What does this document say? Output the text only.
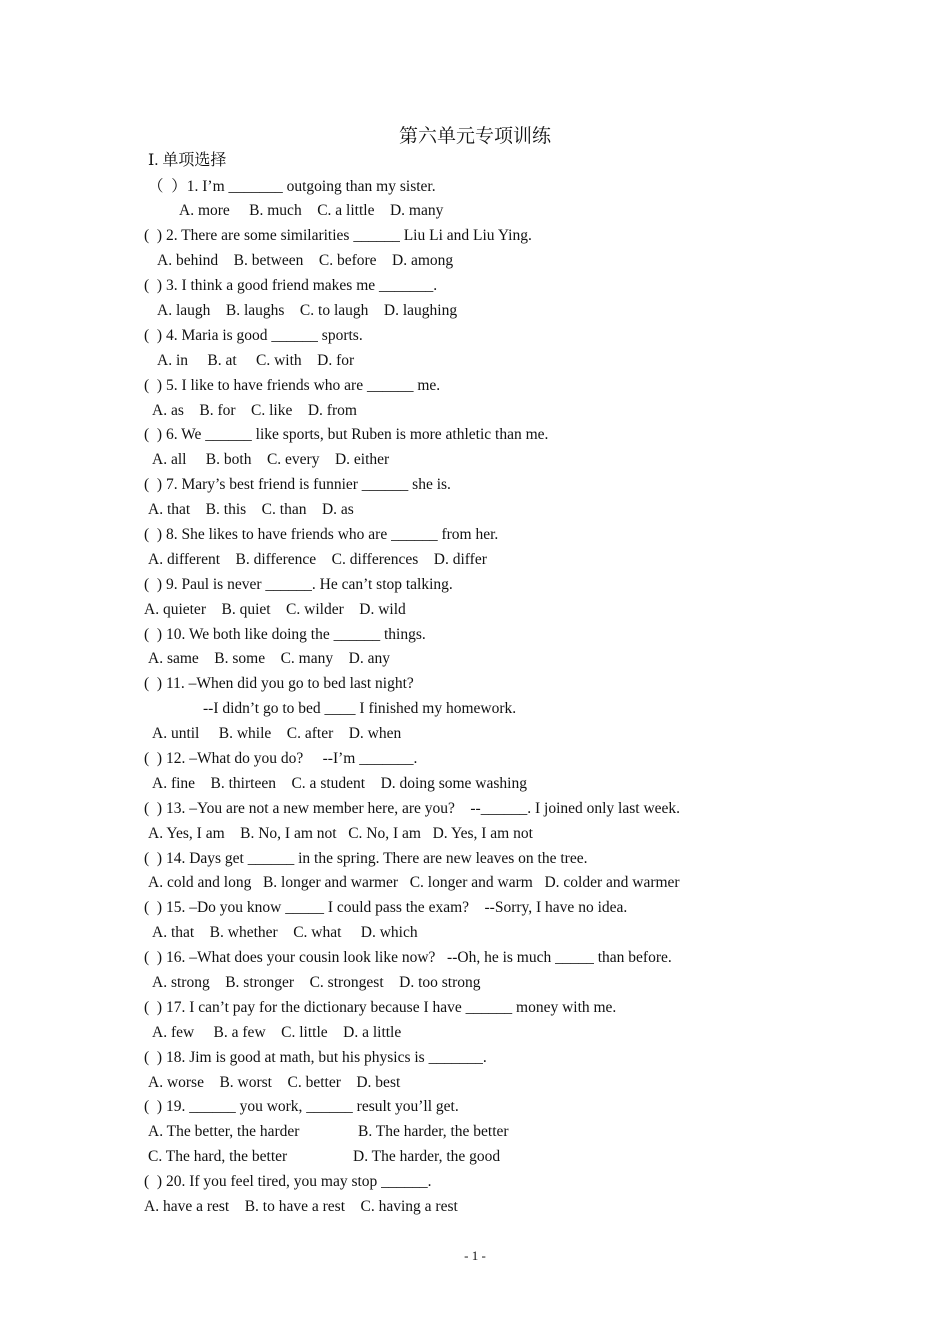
第六单元专项训练
Ⅰ. 单项选择
（  ）1. I’m _______ outgoing than my sister.
A. more     B. much    C. a little    D. many
(  ) 2. There are some similarities ______ Liu Li and Liu Ying.
A. behind    B. between    C. before    D. among
(  ) 3. I think a good friend makes me _______.
A. laugh    B. laughs    C. to laugh    D. laughing
(  ) 4. Maria is good ______ sports.
A. in     B. at     C. with    D. for
(  ) 5. I like to have friends who are ______ me.
A. as    B. for    C. like    D. from
(  ) 6. We ______ like sports, but Ruben is more athletic than me.
A. all     B. both    C. every    D. either
(  ) 7. Mary’s best friend is funnier ______ she is.
A. that    B. this    C. than    D. as
(  ) 8. She likes to have friends who are ______ from her.
A. different    B. difference    C. differences    D. differ
(  ) 9. Paul is never ______. He can’t stop talking.
A. quieter    B. quiet    C. wilder    D. wild
(  ) 10. We both like doing the ______ things.
A. same    B. some    C. many    D. any
(  ) 11. –When did you go to bed last night?
--I didn’t go to bed ____ I finished my homework.
A. until     B. while    C. after    D. when
(  ) 12. –What do you do?     --I’m _______.
A. fine    B. thirteen    C. a student    D. doing some washing
(  ) 13. –You are not a new member here, are you?    --______. I joined only last week.
A. Yes, I am    B. No, I am not   C. No, I am   D. Yes, I am not
(  ) 14. Days get ______ in the spring. There are new leaves on the tree.
A. cold and long   B. longer and warmer   C. longer and warm   D. colder and warmer
(  ) 15. –Do you know _____ I could pass the exam?    --Sorry, I have no idea.
A. that    B. whether    C. what     D. which
(  ) 16. –What does your cousin look like now?   --Oh, he is much _____ than before.
A. strong    B. stronger    C. strongest    D. too strong
(  ) 17. I can’t pay for the dictionary because I have ______ money with me.
A. few     B. a few    C. little    D. a little
(  ) 18. Jim is good at math, but his physics is _______.
A. worse    B. worst    C. better    D. best
(  ) 19. ______ you work, ______ result you’ll get.

A. The better, the harder

	B. The harder, the better

C. The hard, the better

	D. The harder, the good

(  ) 20. If you feel tired, you may stop ______.
A. have a rest    B. to have a rest    C. having a rest
- 1 -
